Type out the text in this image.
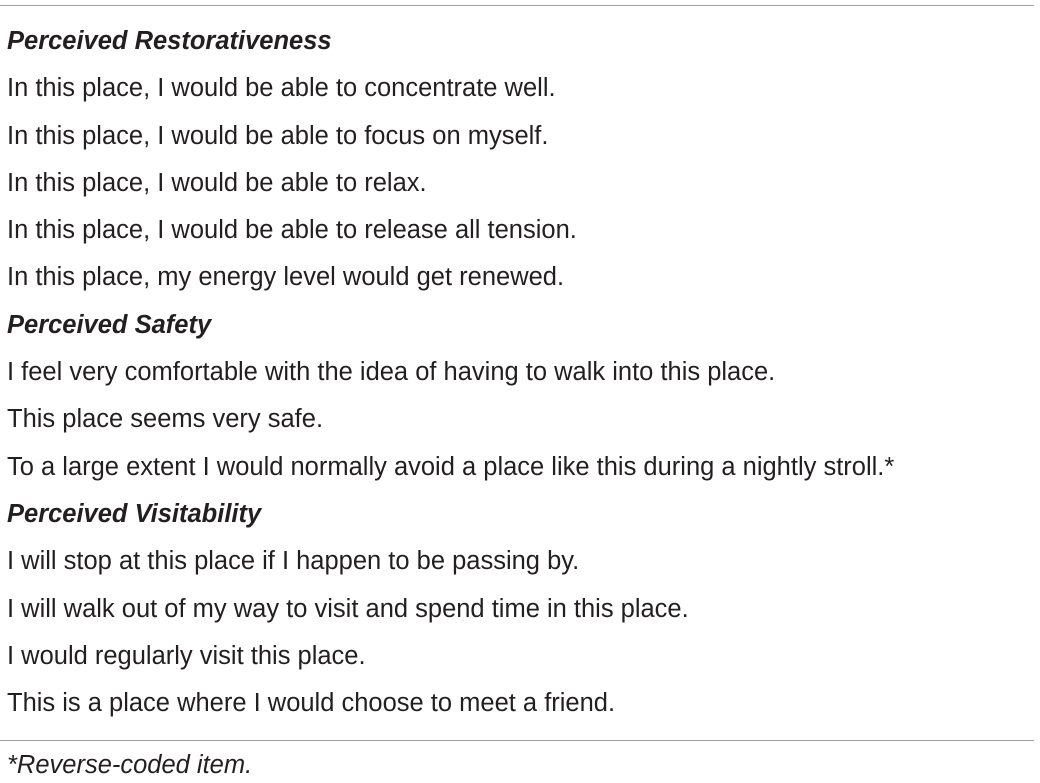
Perceived Restorativeness
In this place, I would be able to concentrate well.
In this place, I would be able to focus on myself.
In this place, I would be able to relax.
In this place, I would be able to release all tension.
In this place, my energy level would get renewed.
Perceived Safety
I feel very comfortable with the idea of having to walk into this place.
This place seems very safe.
To a large extent I would normally avoid a place like this during a nightly stroll.*
Perceived Visitability
I will stop at this place if I happen to be passing by.
I will walk out of my way to visit and spend time in this place.
I would regularly visit this place.
This is a place where I would choose to meet a friend.
*Reverse-coded item.
